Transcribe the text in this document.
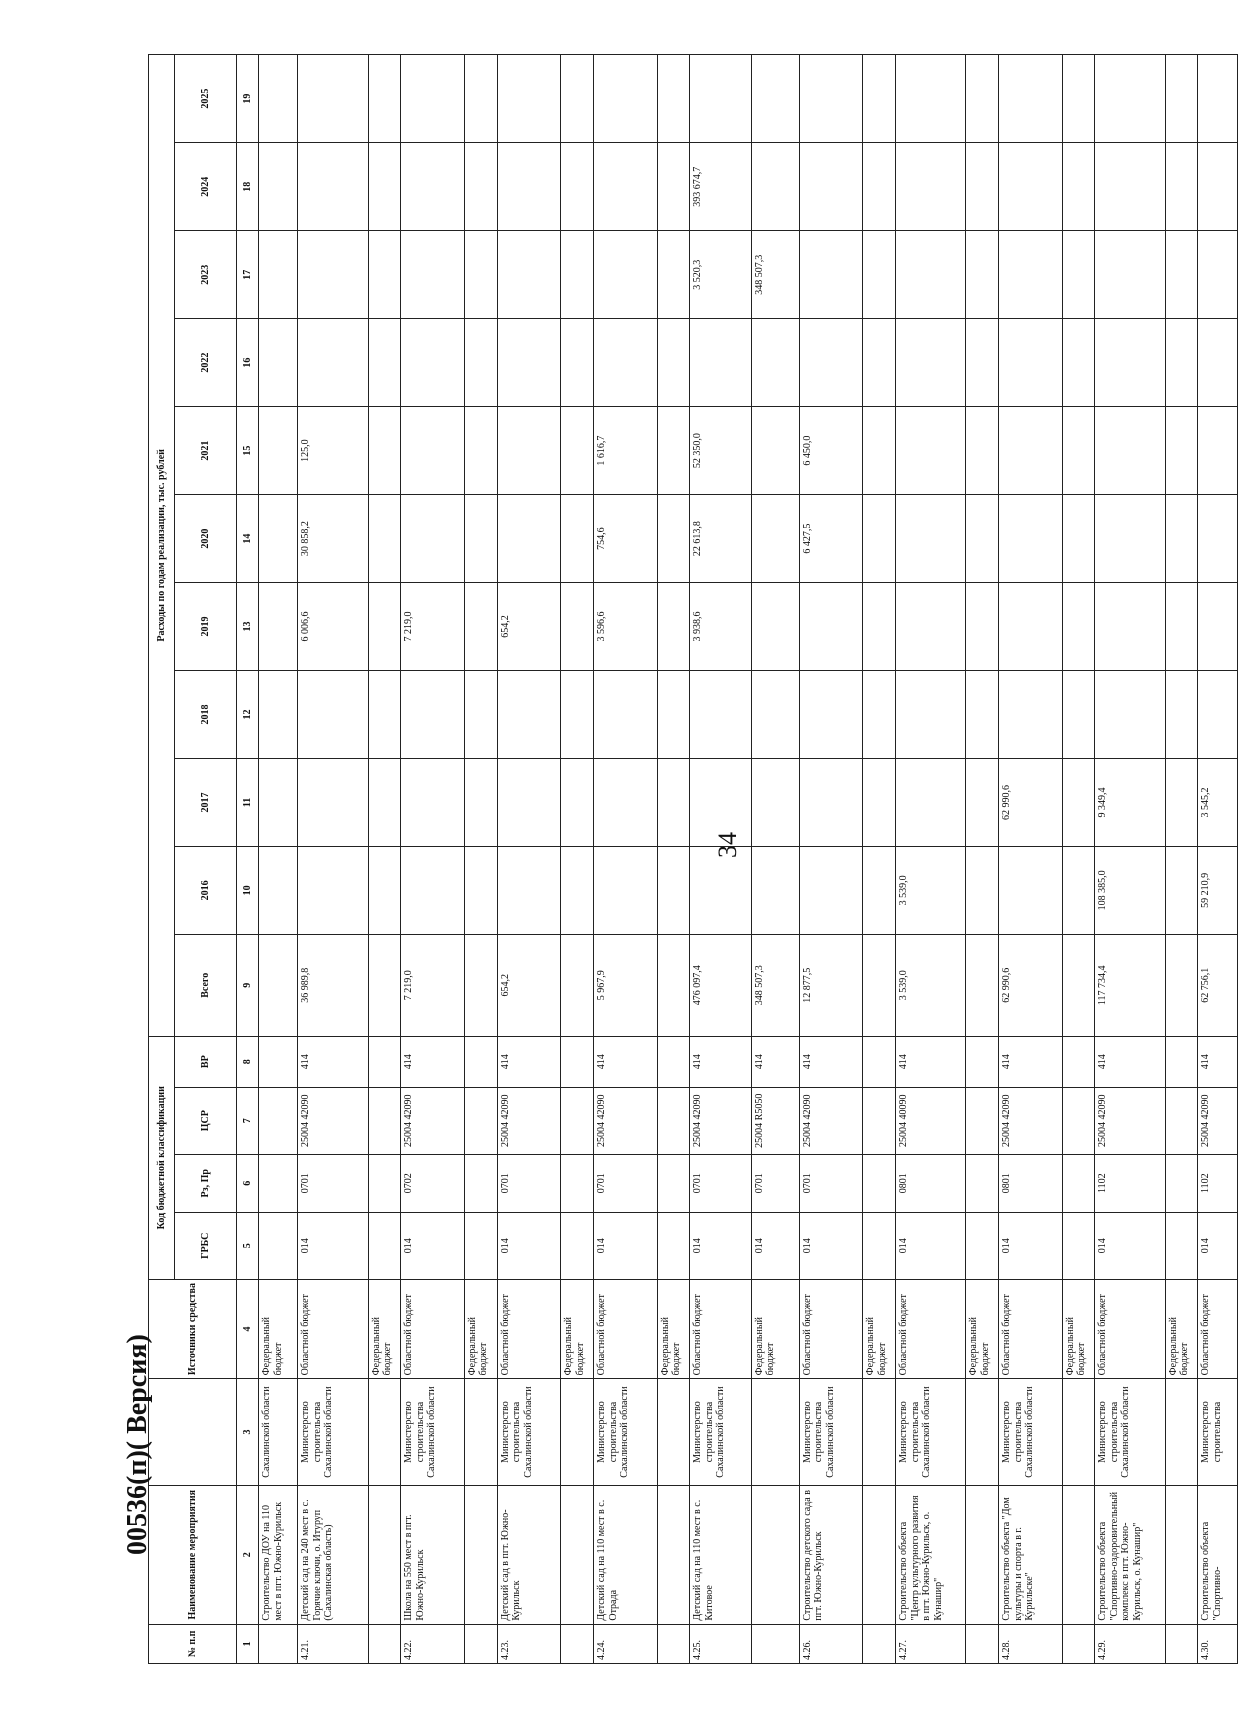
34
№ п.п	Наименование мероприятия		Источники средства	Код бюджетной классификации				Расходы по годам реализации, тыс. рублей										
				ГРБС	Рз, Пр	ЦСР	ВР	Всего	2016	2017	2018	2019	2020	2021	2022	2023	2024	2025
1	2	3	4	5	6	7	8	9	10	11	12	13	14	15	16	17	18	19
	Строительство ДОУ на 110 мест в пгт. Южно-Курильск	Сахалинской области	Федеральный бюджет															
4.21.	Детский сад на 240 мест в с. Горячие ключи, о. Итуруп (Сахалинская область)	Министерство строительства Сахалинской области	Областной бюджет	014	0701	25004 42090	414	36 989,8				6 006,6	30 858,2	125,0				
			Федеральный бюджет															
4.22.	Школа на 550 мест в пгт. Южно-Курильск	Министерство строительства Сахалинской области	Областной бюджет	014	0702	25004 42090	414	7 219,0				7 219,0						
			Федеральный бюджет															
4.23.	Детский сад в пгт. Южно-Курильск	Министерство строительства Сахалинской области	Областной бюджет	014	0701	25004 42090	414	654,2				654,2						
			Федеральный бюджет															
4.24.	Детский сад на 110 мест в с. Отрада	Министерство строительства Сахалинской области	Областной бюджет	014	0701	25004 42090	414	5 967,9				3 596,6	754,6	1 616,7				
			Федеральный бюджет															
4.25.	Детский сад на 110 мест в с. Китовое	Министерство строительства Сахалинской области	Областной бюджет	014	0701	25004 42090	414	476 097,4				3 938,6	22 613,8	52 350,0		3 520,3	393 674,7	
			Федеральный бюджет	014	0701	25004 R5050	414	348 507,3								348 507,3		
4.26.	Строительство детского сада в пгт. Южно-Курильск	Министерство строительства Сахалинской области	Областной бюджет	014	0701	25004 42090	414	12 877,5					6 427,5	6 450,0				
			Федеральный бюджет															
4.27.	Строительство объекта "Центр культурного развития в пгт. Южно-Курильск, о. Кунашир"	Министерство строительства Сахалинской области	Областной бюджет	014	0801	25004 40090	414	3 539,0	3 539,0									
			Федеральный бюджет															
4.28.	Строительство объекта "Дом культуры и спорта в г. Курильске"	Министерство строительства Сахалинской области	Областной бюджет	014	0801	25004 42090	414	62 990,6		62 990,6								
			Федеральный бюджет															
4.29.	Строительство объекта "Спортивно-оздоровительный комплекс в пгт. Южно-Курильск, о. Кунашир"	Министерство строительства Сахалинской области	Областной бюджет	014	1102	25004 42090	414	117 734,4	108 385,0	9 349,4								
			Федеральный бюджет															
4.30.	Строительство объекта "Спортивно-	Министерство строительства	Областной бюджет	014	1102	25004 42090	414	62 756,1	59 210,9	3 545,2								
00536(п)( Версия)
